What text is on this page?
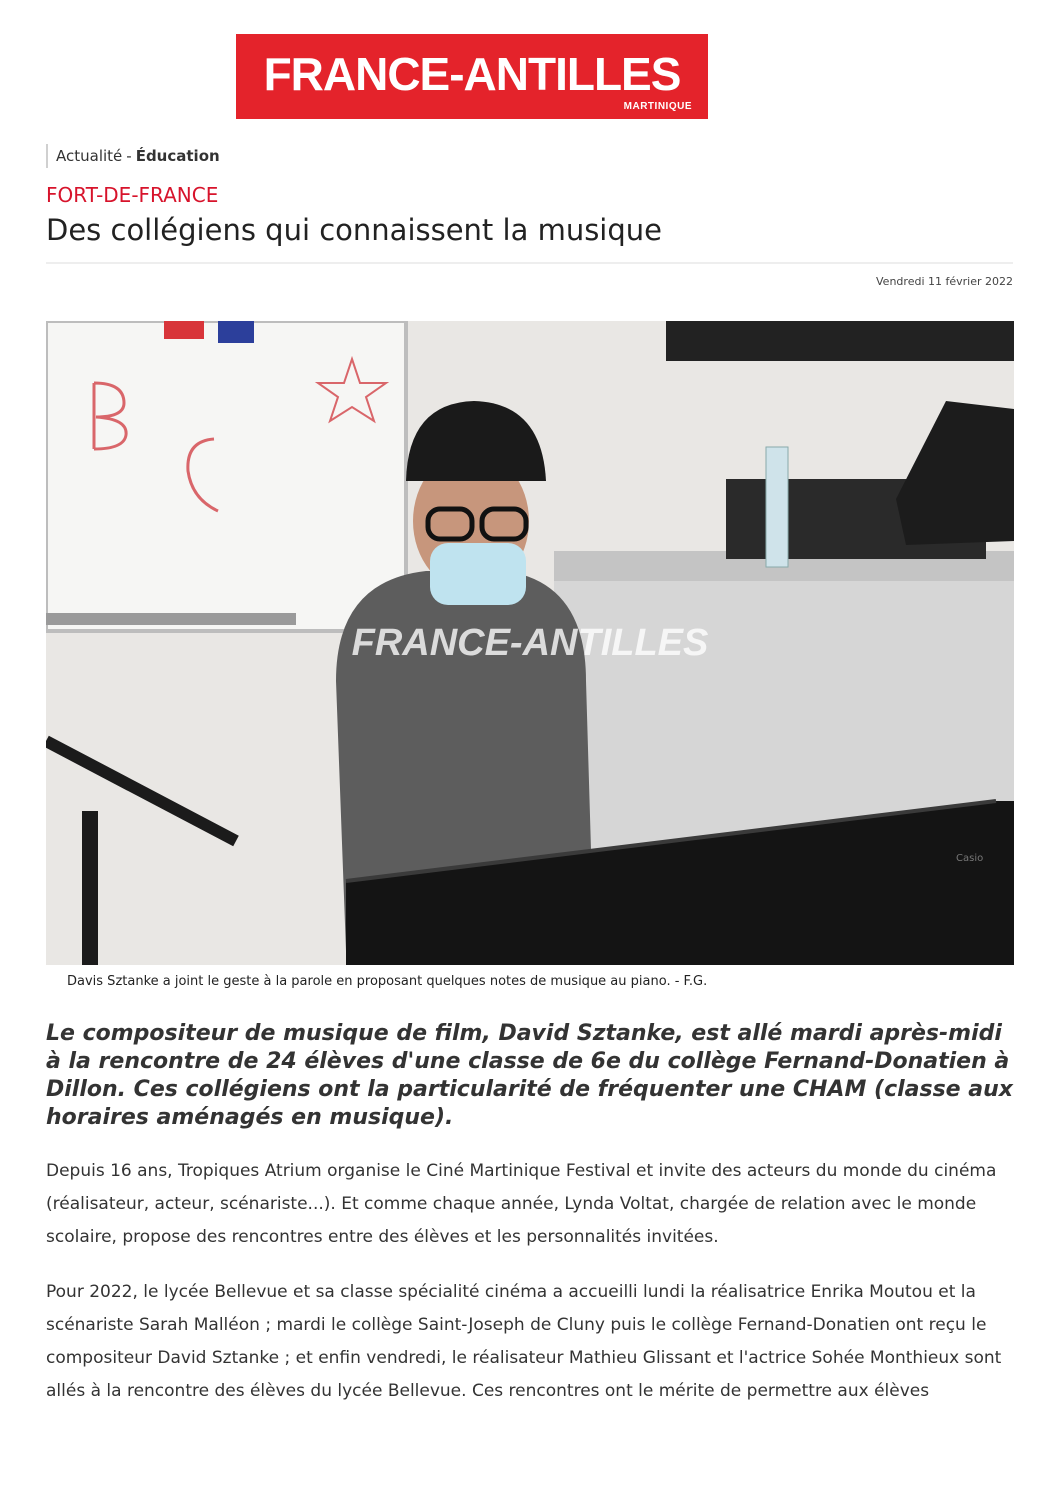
FRANCE-ANTILLES
MARTINIQUE
Actualité - Éducation
FORT-DE-FRANCE
Des collégiens qui connaissent la musique
Vendredi 11 février 2022
Casio
FRANCE-ANTILLES
Davis Sztanke a joint le geste à la parole en proposant quelques notes de musique au piano. - F.G.

Le compositeur de musique de film, David Sztanke, est allé mardi après-midi à la rencontre de 24 élèves d'une classe de 6e du collège Fernand-Donatien à Dillon. Ces collégiens ont la particularité de fréquenter une CHAM (classe aux horaires aménagés en musique).

Depuis 16 ans, Tropiques Atrium organise le Ciné Martinique Festival et invite des acteurs du monde du cinéma (réalisateur, acteur, scénariste...). Et comme chaque année, Lynda Voltat, chargée de relation avec le monde scolaire, propose des rencontres entre des élèves et les personnalités invitées.

Pour 2022, le lycée Bellevue et sa classe spécialité cinéma a accueilli lundi la réalisatrice Enrika Moutou et la scénariste Sarah Malléon ; mardi le collège Saint-Joseph de Cluny puis le collège Fernand-Donatien ont reçu le compositeur David Sztanke ; et enfin vendredi, le réalisateur Mathieu Glissant et l'actrice Sohée Monthieux sont allés à la rencontre des élèves du lycée Bellevue. Ces rencontres ont le mérite de permettre aux élèves
